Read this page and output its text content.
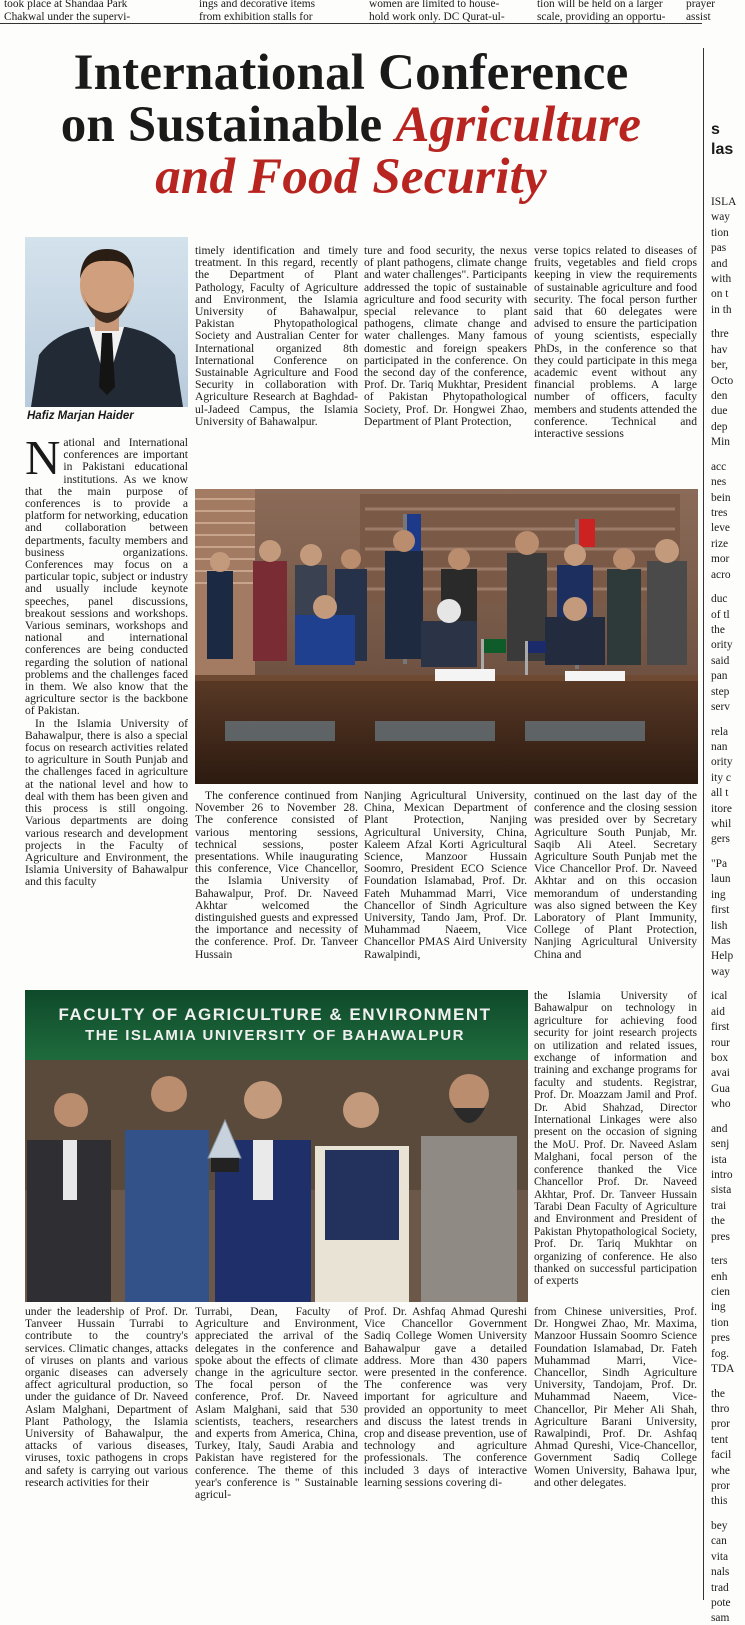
took place at Shandaa Park
Chakwal under the supervi-
ings and decorative items
from exhibition stalls for
women are limited to house-
hold work only. DC Qurat-ul-
tion will be held on a larger
scale, providing an opportu-
prayer
assist
International Conference
on Sustainable Agriculture
and Food Security
Hafiz Marjan Haider

National and International conferences are important in Pakistani educational institutions. As we know that the main purpose of conferences is to provide a platform for networking, education and collaboration between departments, faculty members and business organizations. Conferences may focus on a particular topic, subject or industry and usually include keynote speeches, panel discussions, breakout sessions and workshops. Various seminars, workshops and national and international conferences are being conducted regarding the solution of national problems and the challenges faced in them. We also know that the agriculture sector is the backbone of Pakistan.

In the Islamia University of Bahawalpur, there is also a special focus on research activities related to agriculture in South Punjab and the challenges faced in agriculture at the national level and how to deal with them has been given and this process is still ongoing. Various departments are doing various research and development projects in the Faculty of Agriculture and Environment, the Islamia University of Bahawalpur and this faculty

timely identification and timely treatment. In this regard, recently the Department of Plant Pathology, Faculty of Agriculture and Environment, the Islamia University of Bahawalpur, Pakistan Phytopathological Society and Australian Center for International organized 8th International Conference on Sustainable Agriculture and Food Security in collaboration with Agriculture Research at Baghdad-ul-Jadeed Campus, the Islamia University of Bahawalpur.
ture and food security, the nexus of plant pathogens, climate change and water challenges". Participants addressed the topic of sustainable agriculture and food security with special relevance to plant pathogens, climate change and water challenges. Many famous domestic and foreign speakers participated in the conference. On the second day of the conference, Prof. Dr. Tariq Mukhtar, President of Pakistan Phytopathological Society, Prof. Dr. Hongwei Zhao, Department of Plant Protection,
verse topics related to diseases of fruits, vegetables and field crops keeping in view the requirements of sustainable agriculture and food security. The focal person further said that 60 delegates were advised to ensure the participation of young scientists, especially PhDs, in the conference so that they could participate in this mega academic event without any financial problems. A large number of officers, faculty members and students attended the conference. Technical and interactive sessions

The conference continued from November 26 to November 28. The conference consisted of various mentoring sessions, technical sessions, poster presentations. While inaugurating this conference, Vice Chancellor, the Islamia University of Bahawalpur, Prof. Dr. Naveed Akhtar welcomed the distinguished guests and expressed the importance and necessity of the conference. Prof. Dr. Tanveer Hussain

Nanjing Agricultural University, China, Mexican Department of Plant Protection, Nanjing Agricultural University, China, Kaleem Afzal Korti Agricultural Science, Manzoor Hussain Soomro, President ECO Science Foundation Islamabad, Prof. Dr. Fateh Muhammad Marri, Vice Chancellor of Sindh Agriculture University, Tando Jam, Prof. Dr. Muhammad Naeem, Vice Chancellor PMAS Aird University Rawalpindi,
continued on the last day of the conference and the closing session was presided over by Secretary Agriculture South Punjab, Mr. Saqib Ali Ateel. Secretary Agriculture South Punjab met the Vice Chancellor Prof. Dr. Naveed Akhtar and on this occasion memorandum of understanding was also signed between the Key Laboratory of Plant Immunity, College of Plant Protection, Nanjing Agricultural University China and
FACULTY OF AGRICULTURE & ENVIRONMENT
THE ISLAMIA UNIVERSITY OF BAHAWALPUR
the Islamia University of Bahawalpur on technology in agriculture for achieving food security for joint research projects on utilization and related issues, exchange of information and training and exchange programs for faculty and students. Registrar, Prof. Dr. Moazzam Jamil and Prof. Dr. Abid Shahzad, Director International Linkages were also present on the occasion of signing the MoU. Prof. Dr. Naveed Aslam Malghani, focal person of the conference thanked the Vice Chancellor Prof. Dr. Naveed Akhtar, Prof. Dr. Tanveer Hussain Tarabi Dean Faculty of Agriculture and Environment and President of Pakistan Phytopathological Society, Prof. Dr. Tariq Mukhtar on organizing of conference. He also thanked on successful participation of experts
under the leadership of Prof. Dr. Tanveer Hussain Turrabi to contribute to the country's services. Climatic changes, attacks of viruses on plants and various organic diseases can adversely affect agricultural production, so under the guidance of Dr. Naveed Aslam Malghani, Department of Plant Pathology, the Islamia University of Bahawalpur, the attacks of various diseases, viruses, toxic pathogens in crops and safety is carrying out various research activities for their
Turrabi, Dean, Faculty of Agriculture and Environment, appreciated the arrival of the delegates in the conference and spoke about the effects of climate change in the agriculture sector. The focal person of the conference, Prof. Dr. Naveed Aslam Malghani, said that 530 scientists, teachers, researchers and experts from America, China, Turkey, Italy, Saudi Arabia and Pakistan have registered for the conference. The theme of this year's conference is " Sustainable agricul-
Prof. Dr. Ashfaq Ahmad Qureshi Vice Chancellor Government Sadiq College Women University Bahawalpur gave a detailed address. More than 430 papers were presented in the conference. The conference was very important for agriculture and provided an opportunity to meet and discuss the latest trends in crop and disease prevention, use of technology and agriculture professionals. The conference included 3 days of interactive learning sessions covering di-
from Chinese universities, Prof. Dr. Hongwei Zhao, Mr. Maxima, Manzoor Hussain Soomro Science Foundation Islamabad, Dr. Fateh Muhammad Marri, Vice-Chancellor, Sindh Agriculture University, Tandojam, Prof. Dr. Muhammad Naeem, Vice-Chancellor, Pir Meher Ali Shah, Agriculture Barani University, Rawalpindi, Prof. Dr. Ashfaq Ahmad Qureshi, Vice-Chancellor, Government Sadiq College Women University, Bahawa lpur, and other delegates.
s
las
ISLA
way
tion
pas
and
with
on t
in th
thre
hav
ber,
Octo
den
due
dep
Min
acc
nes
bein
tres
leve
rize
mor
acro
duc
of tl
the
ority
said
pan
step
serv
rela
nan
ority
ity c
all t
itore
whil
gers
"Pa
laun
ing
first
lish
Mas
Help
way
ical
aid
first
rour
box
avai
Gua
who
and
senj
ista
intro
sista
trai
the
pres
ters
enh
cien
ing
tion
pres
fog.
TDA
the
thro
pror
tent
facil
whe
pror
this
bey
can
vita
nals
trad
pote
sam
